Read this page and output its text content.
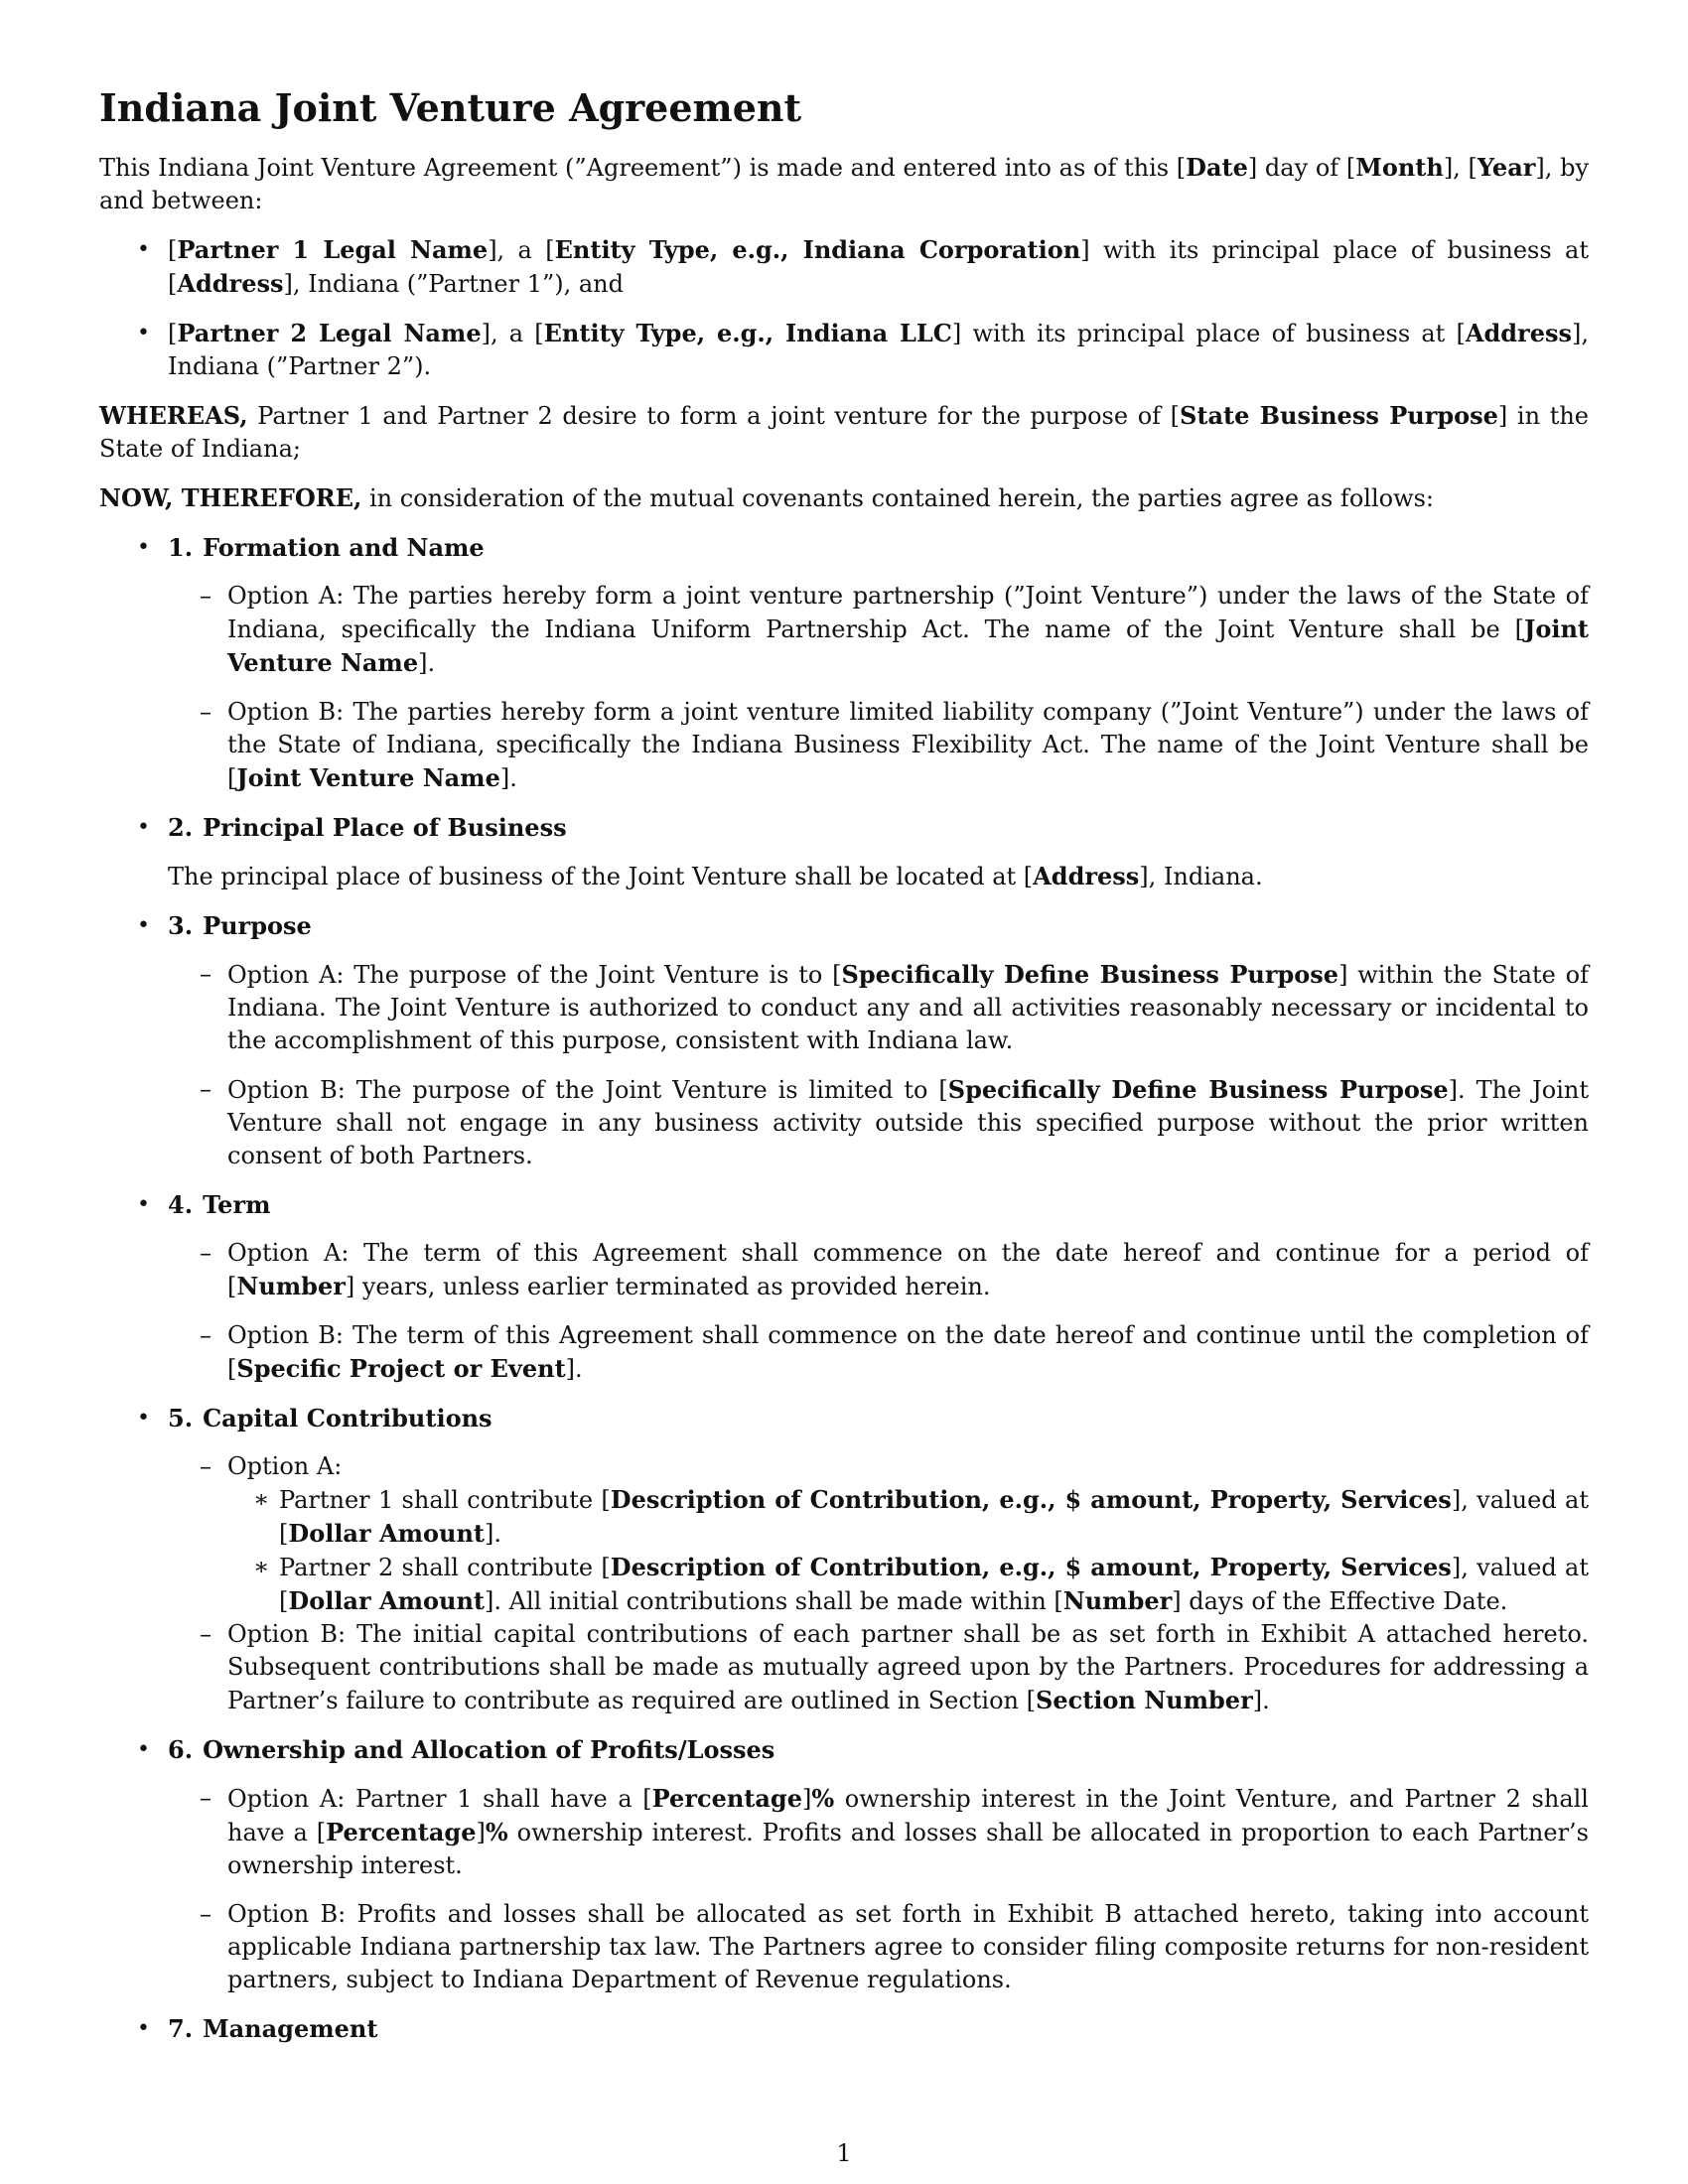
Indiana Joint Venture Agreement

This Indiana Joint Venture Agreement (”Agreement”) is made and entered into as of this [Date] day of [Month], [Year], by and between:

• [Partner 1 Legal Name], a [Entity Type, e.g., Indiana Corporation] with its principal place of business at [Address], Indiana (”Partner 1”), and
• [Partner 2 Legal Name], a [Entity Type, e.g., Indiana LLC] with its principal place of business at [Address], Indiana (”Partner 2”).

WHEREAS, Partner 1 and Partner 2 desire to form a joint venture for the purpose of [State Business Purpose] in the State of Indiana;

NOW, THEREFORE, in consideration of the mutual covenants contained herein, the parties agree as follows:

• 1. Formation and Name
– Option A: The parties hereby form a joint venture partnership (”Joint Venture”) under the laws of the State of Indiana, specifically the Indiana Uniform Partnership Act. The name of the Joint Venture shall be [Joint Venture Name].
– Option B: The parties hereby form a joint venture limited liability company (”Joint Venture”) under the laws of the State of Indiana, specifically the Indiana Business Flexibility Act. The name of the Joint Venture shall be [Joint Venture Name].
• 2. Principal Place of Business
The principal place of business of the Joint Venture shall be located at [Address], Indiana.
• 3. Purpose
– Option A: The purpose of the Joint Venture is to [Specifically Define Business Purpose] within the State of Indiana. The Joint Venture is authorized to conduct any and all activities reasonably necessary or incidental to the accomplishment of this purpose, consistent with Indiana law.
– Option B: The purpose of the Joint Venture is limited to [Specifically Define Business Purpose]. The Joint Venture shall not engage in any business activity outside this specified purpose without the prior written consent of both Partners.
• 4. Term
– Option A: The term of this Agreement shall commence on the date hereof and continue for a period of [Number] years, unless earlier terminated as provided herein.
– Option B: The term of this Agreement shall commence on the date hereof and continue until the completion of [Specific Project or Event].
• 5. Capital Contributions
– Option A:
∗ Partner 1 shall contribute [Description of Contribution, e.g., $ amount, Property, Services], valued at [Dollar Amount].
∗ Partner 2 shall contribute [Description of Contribution, e.g., $ amount, Property, Services], valued at [Dollar Amount]. All initial contributions shall be made within [Number] days of the Effective Date.
– Option B: The initial capital contributions of each partner shall be as set forth in Exhibit A attached hereto. Subsequent contributions shall be made as mutually agreed upon by the Partners. Procedures for addressing a Partner’s failure to contribute as required are outlined in Section [Section Number].
• 6. Ownership and Allocation of Profits/Losses
– Option A: Partner 1 shall have a [Percentage]% ownership interest in the Joint Venture, and Partner 2 shall have a [Percentage]% ownership interest. Profits and losses shall be allocated in proportion to each Partner’s ownership interest.
– Option B: Profits and losses shall be allocated as set forth in Exhibit B attached hereto, taking into account applicable Indiana partnership tax law. The Partners agree to consider filing composite returns for non-resident partners, subject to Indiana Department of Revenue regulations.
• 7. Management
1
